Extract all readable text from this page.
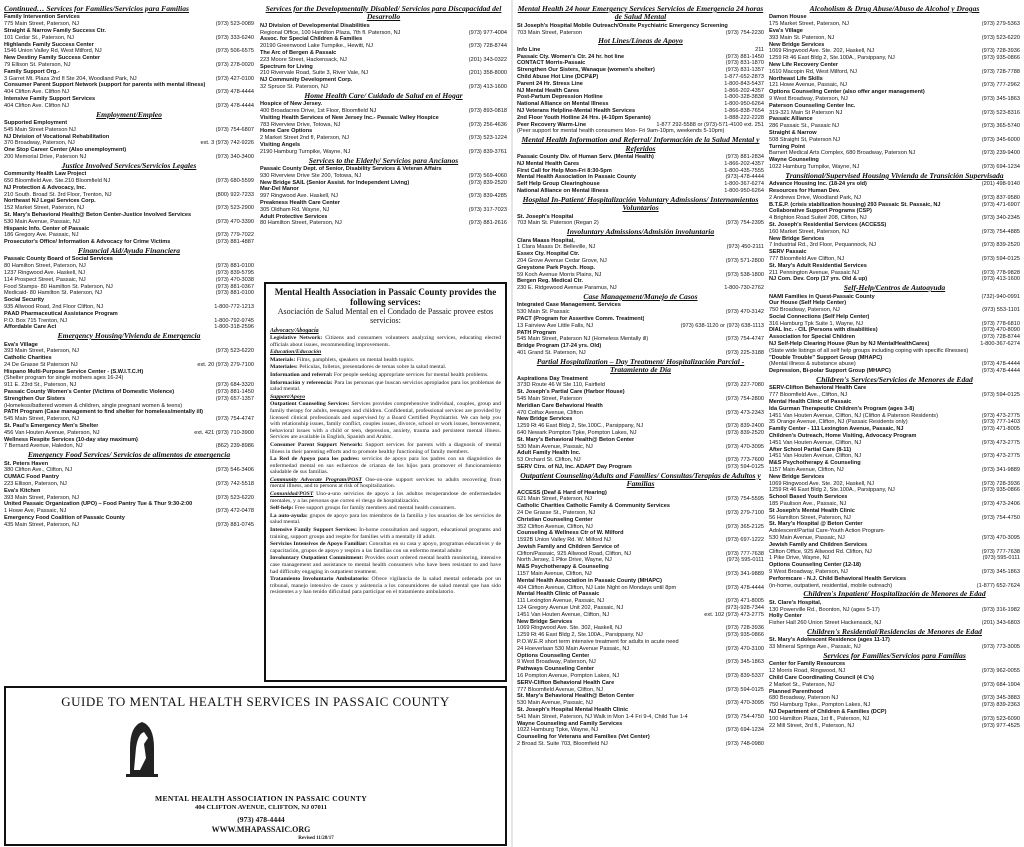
Continued… Services for Families/Servicios para Familias
Family Intervention Services
775 Main Street, Paterson, NJ	(973) 523-0089
Straight & Narrow Family Success Ctr.
101 Cedar St., Paterson, NJ	(973) 333-6240
Highlands Family Success Center
1546 Union Valley Rd, West Milford, NJ	(973) 506-6575
New Destiny Family Success Center
79 Ellison St. Paterson, NJ	(973) 278-0020
Family Support Org.-
3 Garret Mt. Plaza 2nd fl Ste 204, Woodland Park, NJ	(973) 427-0100
Consumer Parent Support Network (support for parents with mental illness)
404 Clifton Ave. Clifton NJ	(973) 478-4444
Intensive Family Support Services
404 Clifton Ave. Clifton NJ	(973) 478-4444
Employment/Empleo
Supported Employment
545 Main Street Paterson NJ	(973) 754-6807
NJ Division of Vocational Rehabilitation
370 Broadway, Paterson, NJ	ext. 3 (973) 742-9226
One Stop Career Center (Also unemployment)
200 Memorial Drive, Paterson NJ	(973) 340-3400
Justice Involved Services/Servicios Legales
Community Health Law Project
650 Bloomfield Ave. Ste.210 Bloomfield NJ	(973) 680-5599
NJ Protection & Advocacy, Inc.
210 South. Broad St. 3rd Floor, Trenton, NJ	(800) 922-7233
Northeast NJ Legal Services Corp.
152 Market Street, Paterson, NJ	(973) 523-2900
St. Mary's Behavioral Health@ Beton Center-Justice Involved Services
530 Main Avenue, Passaic, NJ	(973) 470-3390
Hispanic Info. Center of Passaic
186 Gregory Ave. Passaic, NJ	(973) 779-7022
Prosecutor's Office/ Information & Advocacy for Crime Victims	(973) 881-4887
Financial Aid/Ayuda Financiera
Passaic County Board of Social Services
80 Hamilton Street, Paterson, NJ	(973) 881-0100
1237 Ringwood Ave. Haskell, NJ	(973) 839-5795
114 Prospect Street, Passaic, NJ	(973) 470-3038
Food Stamps- 80 Hamilton St. Paterson, NJ	(973) 881-0367
Medicaid- 80 Hamilton St. Paterson, NJ	(973) 881-0100
Social Security
935 Allwood Road, 2nd Floor Clifton, NJ	1-800-772-1213
PAAD Pharmaceutical Assistance Program
P.O. Box 715 Trenton, NJ	1-800-792-9745
Affordable Care Act	1-800-318-2596
Emergency Housing/Vivienda de Emergencia
Eva's Village
393 Main Street, Paterson, NJ	(973) 523-6220
Catholic Charities
24 De Grasse St Paterson NJ	ext. 20 (973) 279-7100
Hispano Multi-Purpose Service Center - (S.W.I.T.C.H)
(Shelter program for single mothers ages 16-24)
911 E. 23rd St., Paterson, NJ	(973) 684-3320
Passaic County Women's Center (Victims of Domestic Violence)	(973) 881-1450
Strengthen Our Sisters	(973) 657-1357
(Homeless/battered women & children, single pregnant women & teens)
PATH Program (Case management to find shelter for homeless/mentally ill)
545 Main Street, Paterson, NJ	(973) 754-4747
St. Paul's Emergency Men's Shelter
456 Van Houten Avenue, Paterson, NJ	ext. 421 (973) 710-3900
Wellness Respite Services (10-day stay maximum)
7 Bernard Avenue, Haledon, NJ	(862) 239-8986
Emergency Food Services/ Servicios de alimentos de emergencia
St. Peters Haven
380 Clifton Ave., Clifton, NJ	(973) 546-3406
CUMAC Food Pantry
223 Ellison, Paterson, NJ	(973) 742-5518
Eva's Kitchen
393 Main Street, Paterson, NJ	(973) 523-6220
United Passaic Organization (UPO) – Food Pantry Tue & Thur 9:30-2:00
1 Howe Ave, Passaic, NJ	(973) 472-0478
Emergency Food Coalition of Passaic County
435 Main Street, Paterson, NJ	(973) 881-0745
Services for the Developmentally Disabled/ Servicios para Discapacidad del Desarrollo
NJ Division of Developmental Disabilities
Regional Office, 100 Hamilton Plaza, 7th fl. Paterson, NJ	(973) 977-4004
Assoc. for Special Children & Families
20190 Greenwood Lake Turnpike., Hewitt, NJ	(973) 728-8744
The Arc of Bergen & Passaic
223 Moore Street, Hackensack, NJ	(201) 343-0322
Spectrum for Living
210 Rivervale Road, Suite 3, River Vale, NJ	(201) 358-8000
NJ Community Development Corp.
32 Spruce St. Paterson, NJ	(973) 413-1600
Home Health Care/ Cuidado de Salud en el Hogar
Hospice of New Jersey.
400 Broadacres Drive, 1st Floor, Bloomfield NJ	(973) 893-0818
Visiting Health Services of New Jersey Inc.- Passaic Valley Hospice
783 Riverview Drive, Totowa, NJ	(973) 256-4636
Home Care Options
2 Market Street 2nd fl, Paterson, NJ	(973) 523-1224
Visiting Angels
2190 Hamburg Turnpike, Wayne, NJ	(973) 839-3761
Services to the Elderly/ Servicios para Ancianos
Passaic County Dept. of Senior, Disability Services & Veteran Affairs
930 Riverview Drive Ste 200, Totowa, NJ	(973) 569-4060
New Bridge SAIL (Senior Assist. for Independent Living)	(973) 839-2520
Mar-Del Manor
997 Ringwood Ave. Haskell, NJ	(973) 839-4285
Preakness Health Care Center
305 Oldham Rd. Wayne, NJ	(973) 317-7023
Adult Protective Services
80 Hamilton Street, Paterson, NJ	(973) 881-2616
Mental Health Association in Passaic County provides the following services:
Asociación de Salud Mental en el Condado de Passaic provee estos servicios:
Advocacy/Abogacía

Legislative Network: Citizens and consumers volunteers analyzing services, educating elected officials about issues, recommending improvements.

Education/Educación

Materials: Films, pamphlets, speakers on mental health topics.

Materiales: Películas, folletos, presentadores de temas sobre la salud mental.

Information and referral: For people seeking appropriate services for mental health problems.

Información y referencia: Para las personas que buscan servicios apropiados para los problemas de salud mental.

Support/Apoyo

Outpatient Counseling Services: Services provides comprehensive individual, couples, group and family therapy for adults, teenagers and children. Confidential, professional services are provided by licensed clinical professionals and supervised by a Board Certified Psychiatrist. We can help you with relationship issues, family conflict, couples issues, divorce, school or work issues, bereavement, behavioral issues with a child or teen, depression, anxiety, trauma and persistent mental illness. Services are available in English, Spanish and Arabic.

Consumer Parent Support Network: Support services for parents with a diagnosis of mental illness in their parenting efforts and to promote healthy functioning of family members.

La Red de Apoyo para los padres: servicios de apoyo para los padres con un diagnóstico de enfermedad mental en sus esfuerzos de crianza de los hijos para promover el funcionamiento saludable de sus familias.

Community Advocate Program/POST One-on-one support services to adults recovering from mental illness, and to persons at risk of hospitalization.

Comunidad/POST Uno-a-uno servicios de apoyo a los adultos recuperandose de enfermedades mentales, y a las personas que corren el riesgo de hospitalización.

Self-help: Free support groups for family members and mental health consumers.

La auto-ayuda: grupos de apoyo para los miembros de la familia y los usuarios de los servicios de salud mental.

Intensive Family Support Services: In-home consultation and support, educational programs and training, support groups and respite for families with a mentally ill adult.

Servicios Intensivos de Apoyo Familiar: Consultas en su casa y apoyo, programas educativos y de capacitación, grupos de apoyo y respiro a las familias con un enfermo mental adulto

Involuntary Outpatient Commitment: Provides court ordered mental health monitoring, intensive case management and assistance to mental health consumers who have been resistant to and have had difficulty engaging in outpatient treatment.

Tratamiento Involuntario Ambulatorio: Ofrece vigilancia de la salud mental ordenada por un tribunal, manejo intensivo de casos y asistencia a los consumidores de salud mental que han sido resistentes a y han tenido dificultad para participar en el tratamiento ambulatorio.

GUIDE TO MENTAL HEALTH SERVICES IN PASSAIC COUNTY
MENTAL HEALTH ASSOCIATION IN PASSAIC COUNTY
404 CLIFTON AVENUE, CLIFTON, NJ 07011
(973) 478-4444
WWW.MHAPASSAIC.ORG
Revised 11/28/17
Mental Health 24 hour Emergency Services Servicios de Emergencia 24 horas de Salud Mental
St Joseph's Hospital Mobile Outreach/Onsite Psychiatric Emergency Screening
703 Main Street, Paterson	(973) 754-2230
Hot Lines/Líneas de Apoyo
Info Line	211
Passaic Cty. Women's Ctr. 24 hr. hot line	(973) 881-1450
CONTACT Morris-Passaic	(973) 831-1870
Strengthen Our Sisters, Wanaque (women's shelter)	(973) 831-1357
Child Abuse Hot Line (DCP&P)	1-877-652-2873
Parent 24 Hr. Stress Line	1-800-843-5437
NJ Mental Health Cares	1-866-202-4357
Post-Partum Depression Hotline	1-800-328-3838
National Alliance on Mental Illness	1-800-950-6264
NJ Veterans Helpline-Mental Health Services	1-866-838-7654
2nd Floor Youth Hotline 24 Hrs. (4-10pm Speranto)	1-888-222-2228
Peer Recovery Warm-Line	1-877 292-5588 or (973)-571-4100 ext. 251
(Peer support for mental health consumers Mon- Fri 9am-10pm, weekends 5-10pm)
Mental Health Information and Referral/ Información de la Salud Mental y Referidos
Passaic County Div. of Human Serv. (Mental Health)	(973) 881-2834
NJ Mental Health Cares	1-866-202-4357
First Call for Help Mon-Fri 8:30-5pm	1-800-435-7555
Mental Health Association in Passaic County	(973)-478-4444
Self Help Group Clearinghouse	1-800-367-6274
National Alliance on Mental Illness	1-800-950-6264
Hospital In-Patient/ Hospitalización Voluntary Admissions/ Internamientos Voluntarios
St. Joseph's Hospital
703 Main St. Paterson (Regan 2)	(973) 754-2395
Involuntary Admissions/Admisión involuntaria
Clara Maass Hospital,
1 Clara Maass Dr. Belleville, NJ	(973) 450-2111
Essex Cty. Hospital Ctr.
204 Grove Avenue Cedar Grove, NJ	(973) 571-2800
Greystone Park Psych. Hosp.
59 Koch Avenue Morris Plains, NJ	(973) 538-1800
Bergen Reg. Medical Ctr.
230 E. Ridgewood Avenue Paramus, NJ	1-800-730-2762
Case Management/Manejo de Casos
Integrated Case Management. Services
530 Main St. Passaic	(973) 470-3142
PACT (Program for Assertive Comm. Treatment)
13 Fairview Ave Little Falls, NJ	(973) 638-1120 or (973) 638-1113
PATH Program
545 Main Street, Paterson NJ (Homeless Mentally ill)	(973) 754-4747
Bridge Program (17-24 yrs. Old)
401 Grand St. Paterson, NJ	(973) 225-3188
Partial Hospitalization – Day Treatment/ Hospitalización Parcial - Tratamiento de Día
Aspirations Day Treatment
373D Route 46 W Ste 110, Fairfield	(973) 227-7080
St. Joseph's Partial Care (Harbor House)
545 Main Street, Paterson	(973) 754-2800
Meridian Care Behavioral Health
470 Colfax Avenue, Clifton	(973) 473-2343
New Bridge Services
1259 Rt 46 East Bldg 2, Ste.100C., Parsippany, NJ	(973) 839-2400
640 Newark Pompton Tpke, Pompton Lakes, NJ	(973) 839-2520
St. Mary's Behavioral Health@ Beton Center
530 Main Avenue, Passaic, NJ	(973) 470-3095
Adult Family Health Inc.
53 Orchard St. Clifton, NJ	(973) 773-7600
SERV Ctrs. of NJ, Inc. ADAPT Day Program	(973) 594-0125
Outpatient Counseling/Adults and Families/ Consultas/Terapias de Adultos y Familias
ACCESS (Deaf & Hard of Hearing)
621 Main Street, Paterson, NJ	(973) 754-5595
Catholic Charities Catholic Family & Community Services
24 De Grasse St., Paterson, NJ	(973) 279-7100
Christian Counseling Center
352 Clifton Avenue, Clifton, NJ	(973) 365-2125
Counseling & Wellness Ctr of W. Milford
1592B Union Valley Rd. W. Milford NJ	(973) 697-1222
Jewish Family and Children Service of
Clifton/Passaic, 925 Allwood Road, Clifton, NJ	(973) 777-7638
North Jersey, 1 Pike Drive, Wayne, NJ	(973) 595-0111
M&S Psychotherapy & Counseling
1157 Main Avenue, Clifton, NJ	(973) 341-9889
Mental Health Association in Passaic County (MHAPC)
404 Clifton Avenue, Clifton, NJ Late Night on Mondays until 8pm	(973) 478-4444
Mental Health Clinic of Passaic
111 Lexington Avenue, Passaic, NJ	(973) 471-8005
124 Gregory Avenue Unit 202, Passaic, NJ	(973)-928-7344
1451 Van Houten Avenue, Clifton, NJ	ext. 102 (973) 473-2775
New Bridge Services
1069 Ringwood Ave. Ste. 302, Haskell, NJ	(973) 728-3936
1259 Rt 46 East Bldg 2, Ste.100A., Parsippany, NJ	(973) 935-0866
P.O.W.E.R short term intensive treatment for adults in acute need
24 Hoeverlaan 530 Main Avenue Passaic, NJ	(973) 470-3100
Options Counseling Center
9 West Broadway, Paterson, NJ	(973) 345-1863
Pathways Counseling Center
16 Pompton Avenue, Pompton Lakes, NJ	(973) 839-5337
SERV-Clifton Behavioral Health Care
777 Bloomfield Avenue, Clifton, NJ	(973) 594-0125
St. Mary's Behavioral Health@ Beton Center
530 Main Avenue, Passaic, NJ	(973) 470-3095
St. Joseph's Hospital Mental Health Clinic
541 Main Street, Paterson, NJ Walk in Mon 1-4 Fri 9-4, Child Tue 1-4	(973) 754-4750
Wayne Counseling and Family Services
1022 Hamburg Tpke, Wayne, NJ	(973) 694-1234
Counseling for Veterans and Families (Vet Center)
2 Broad St. Suite 703, Bloomfield NJ	(973) 748-0980
Alcoholism & Drug Abuse/Abuso de Alcohol y Drogas
Damon House
175 Market Street, Paterson, NJ	(973) 279-5363
Eva's Village
393 Main St. Paterson, NJ	(973) 523-6220
New Bridge Services
1069 Ringwood Ave. Ste. 202, Haskell, NJ	(973) 728-3936
1259 Rt 46 East Bldg 2, Ste.100A., Parsippany, NJ	(973) 935-0866
New Life Recovery Center
1610 Macopin Rd, West Milford, NJ	(973) 728-7788
Northeast Life Skills
121 Howe Avenue, Passaic, NJ	(973) 777-2962
Options Counseling Center (also offer anger management)
9 West Broadway, Paterson, NJ	(973) 345-1863
Paterson Counseling Center Inc.
319-321 Main St Paterson NJ	(973) 523-8316
Passaic Alliance
286 Passaic St., Passaic NJ	(973) 365-5740
Straight & Narrow
508 Straight St, Paterson NJ	(973) 345-6000
Turning Point
Barnert Medical Arts Complex, 680 Broadway, Paterson NJ	(973) 239-9400
Wayne Counseling
1022 Hamburg Turnpike, Wayne, NJ	(973) 694-1234
Transitional/Supervised Housing Vivienda de Transición Supervisada
Advance Housing Inc. (18-24 yrs old)	(201) 498-9140
Resources for Human Dev.
2 Andrews Drive, Woodland Park, NJ	(973) 837-9580
B.T.E.P. (crisis stabilization housing) 293 Passaic St. Passaic, NJ	(973) 471-6907
Collaborative Support Programs (CSP)
4 Brighton Road Suite# 208, Clifton, NJ	(973) 340-2345
St. Joseph's Residential Services (ACCESS)
160 Market Street, Paterson, NJ	(973) 754-4885
New Bridge Services
7 Industrial Rd., 3rd Floor, Pequannock, NJ	(973) 839-2520
SERV Passaic
777 Bloomfield Ave Clifton, NJ	(973) 594-0125
St. Mary's Adult Residential Services
211 Pennington Avenue, Passaic NJ	(973) 778-9828
NJ Com. Dev. Corp (17 yrs. Old & up)	(973) 413-1600
Self-Help/Centros de Autoayuda
NAMI Families in Quest-Passaic County	(732)-940-0991
Our House (Self Help Center)
750 Broadway, Paterson, NJ	(973) 553-1101
Social Connections (Self Help Center)
316 Hamburg Tpk Suite 1, Wayne, NJ	(973) 778-6810
DIAL Inc. - CIL (Persons with disabilities)	(973) 470-8090
Association for Special Children	(973) 728-8744
NJ Self-Help Clearing House (Run by NJ MentalHealthCares)	1-800-367-6274
(State wide listings of all self help groups including coping with specific illnesses)
"Double Trouble" Support Group (MHAPC)
(Mental illness & substance abuse)	(973) 478-4444
Depression, Bi-polar Support Group (MHAPC)	(973) 478-4444
Children's Services/Servicios de Menores de Edad
SERV-Clifton Behavioral Health Care
777 Bloomfield Ave., Clifton, NJ	(973) 594-0125
Mental Health Clinic of Passaic
Ida Gurman Therapeutic Children's Program (ages 3-8)
1451 Van Houten Avenue, Clifton, NJ (Clifton & Paterson Residents)	(973) 473-2775
35 Orange Avenue, Clifton, NJ (Passaic Residents only)	(973) 777-1403
Family Center - 111 Lexington Avenue, Passaic, NJ	(973) 471-8005
Children's Outreach, Home Visiting, Advocacy Program
1451 Van Houten Avenue, Clifton, NJ	(973) 473-2775
After School Partial Care (8-11)
1451 Van Houten Avenue, Clifton, NJ	(973) 473-2775
M&S Psychotherapy & Counseling
1157 Main Avenue, Clifton, NJ	(973) 341-9889
New Bridge Services
1069 Ringwood Ave. Ste. 202, Haskell, NJ	(973) 728-3936
1259 Rt 46 East Bldg 2, Ste.100A., Parsippany, NJ	(973) 935-0866
School Based Youth Services
185 Paulison Ave., Passaic, NJ	(973) 473-2406
St Joseph's Mental Health Clinic
56 Hamilton Street, Paterson, NJ	(973) 754-4750
St. Mary's Hospital @ Beton Center
Adolescent/Partial Care-Youth Action Program-
530 Main Avenue, Passaic, NJ	(973) 470-3095
Jewish Family and Children Services
Clifton Office, 925 Allwood Rd. Clifton, NJ	(973) 777-7638
1 Pike Drive, Wayne, NJ	(973) 595-0111
Options Counseling Center (12-18)
9 West Broadway, Paterson, NJ	(973) 345-1863
Performcare - N.J. Child Behavioral Health Services
(in-home, outpatient, residential, mobile outreach)	(1-877) 652-7624
Children's Inpatient/ Hospitalización de Menores de Edad
St. Clare's Hospital,
130 Powerville Rd., Boonton, NJ (ages 5-17)	(973) 316-1982
Holly Center
Fisher Hall 260 Union Street Hackensack, NJ	(201) 343-6803
Children's Residential/Residencias de Menores de Edad
St. Mary's Adolescent Residence (ages 11-17)
33 Mineral Springs Ave., Passaic, NJ	(973) 773-3005
Services for Families/Servicios para Familias
Center for Family Resources
12 Morris Road, Ringwood, NJ	(973) 962-0055
Child Care Coordinating Council (4 C's)
2 Market St., Paterson, NJ	(973) 684-1904
Planned Parenthood
680 Broadway, Paterson NJ	(973) 345-3883
750 Hamburg Tpke., Pompton Lakes, NJ	(973) 839-2363
NJ Department of Children & Families (DCP)
100 Hamilton Plaza, 1st fl., Paterson, NJ	(973) 523-6090
22 Mill Street, 3rd fl., Paterson, NJ	(973) 977-4525
